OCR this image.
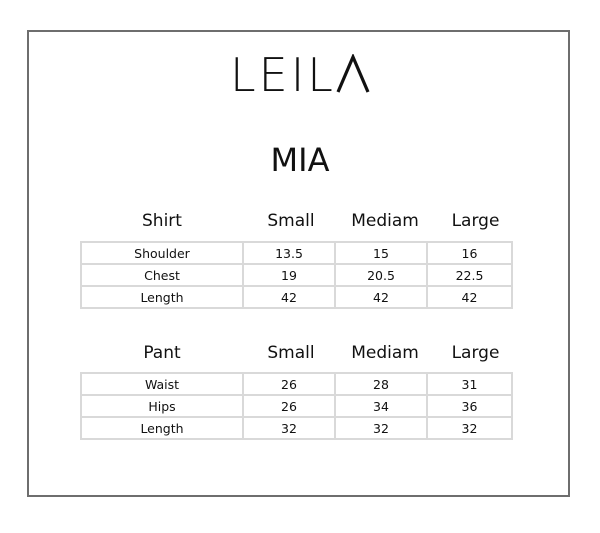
LEIL
MIA
Shirt	Small	Mediam	Large
Shoulder	13.5	15	16
Chest	19	20.5	22.5
Length	42	42	42
Pant	Small	Mediam	Large
Waist	26	28	31
Hips	26	34	36
Length	32	32	32
